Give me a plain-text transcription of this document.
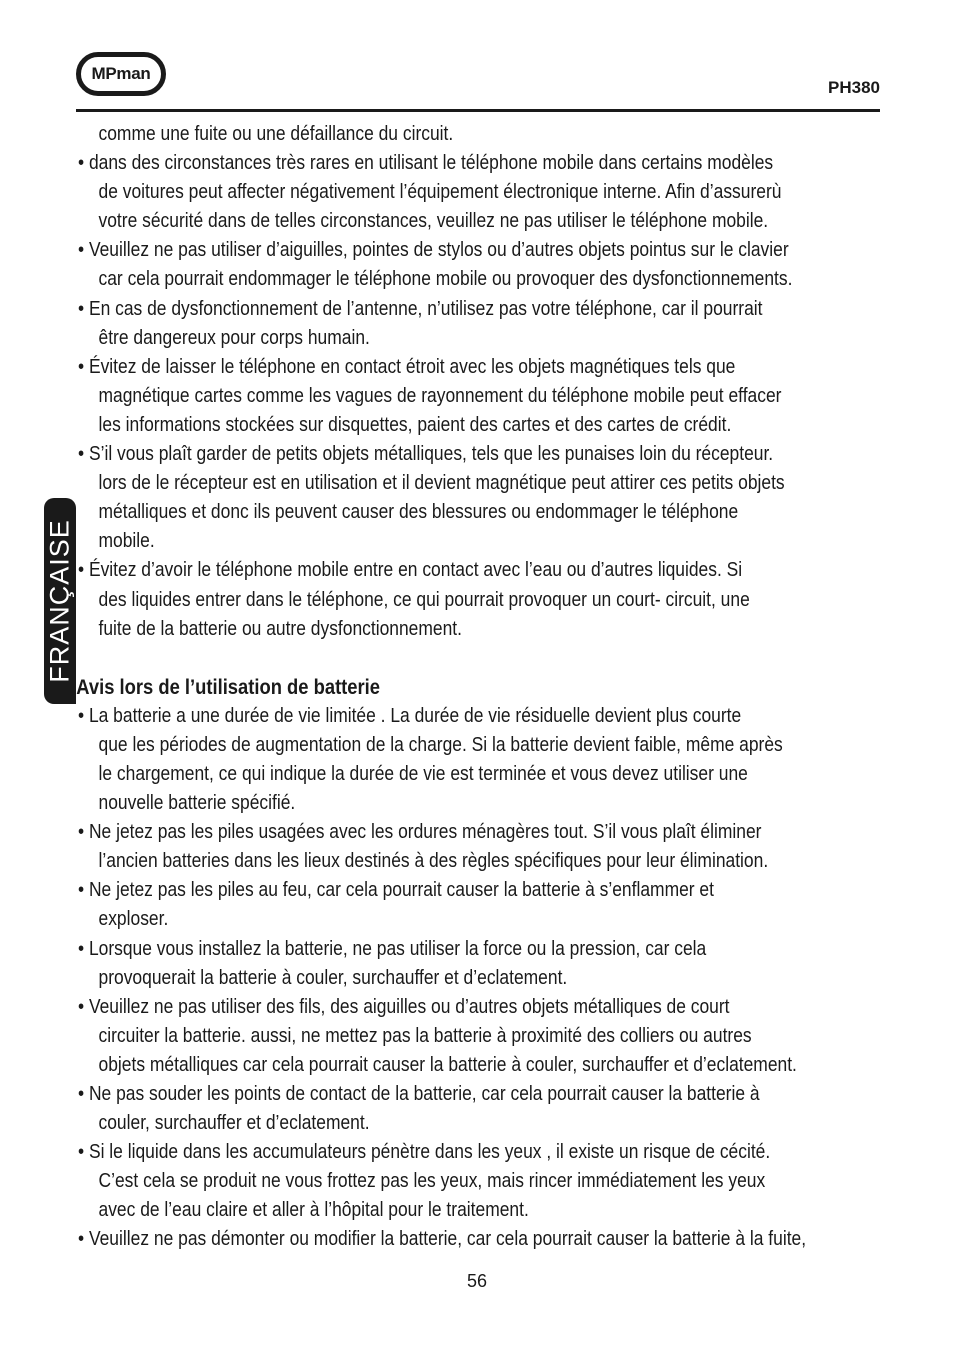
MPman
PH380
FRANÇAISE
comme une fuite ou une défaillance du circuit.
• dans des circonstances très rares en utilisant le téléphone mobile dans certains modèles
de voitures peut affecter négativement l’équipement électronique interne. Afin d’assurerù
votre sécurité dans de telles circonstances, veuillez ne pas utiliser le téléphone mobile.
• Veuillez ne pas utiliser d’aiguilles, pointes de stylos ou d’autres objets pointus sur le clavier
car cela pourrait endommager le téléphone mobile ou provoquer des dysfonctionnements.
• En cas de dysfonctionnement de l’antenne, n’utilisez pas votre téléphone, car il pourrait
être dangereux pour corps humain.
• Évitez de laisser le téléphone en contact étroit avec les objets magnétiques tels que
magnétique cartes comme les vagues de rayonnement du téléphone mobile peut effacer
les informations stockées sur disquettes, paient des cartes et des cartes de crédit.
• S’il vous plaît garder de petits objets métalliques, tels que les punaises loin du récepteur.
lors de le récepteur est en utilisation et il devient magnétique peut attirer ces petits objets
métalliques et donc ils peuvent causer des blessures ou endommager le téléphone
mobile.
• Évitez d’avoir le téléphone mobile entre en contact avec l’eau ou d’autres liquides. Si
des liquides entrer dans le téléphone, ce qui pourrait provoquer un court- circuit, une
fuite de la batterie ou autre dysfonctionnement.
Avis lors de l’utilisation de batterie
• La batterie a une durée de vie limitée . La durée de vie résiduelle devient plus courte
que les périodes de augmentation de la charge. Si la batterie devient faible, même après
le chargement, ce qui indique la durée de vie est terminée et vous devez utiliser une
nouvelle batterie spécifié.
• Ne jetez pas les piles usagées avec les ordures ménagères tout. S’il vous plaît éliminer
l’ancien batteries dans les lieux destinés à des règles spécifiques pour leur élimination.
• Ne jetez pas les piles au feu, car cela pourrait causer la batterie à s’enflammer et
exploser.
• Lorsque vous installez la batterie, ne pas utiliser la force ou la pression, car cela
provoquerait la batterie à couler, surchauffer et d’eclatement.
• Veuillez ne pas utiliser des fils, des aiguilles ou d’autres objets métalliques de court
circuiter la batterie. aussi, ne mettez pas la batterie à proximité des colliers ou autres
objets métalliques car cela pourrait causer la batterie à couler, surchauffer et d’eclatement.
• Ne pas souder les points de contact de la batterie, car cela pourrait causer la batterie à
couler, surchauffer et d’eclatement.
• Si le liquide dans les accumulateurs pénètre dans les yeux , il existe un risque de cécité.
C’est cela se produit ne vous frottez pas les yeux, mais rincer immédiatement les yeux
avec de l’eau claire et aller à l’hôpital pour le traitement.
• Veuillez ne pas démonter ou modifier la batterie, car cela pourrait causer la batterie à la fuite,
56
